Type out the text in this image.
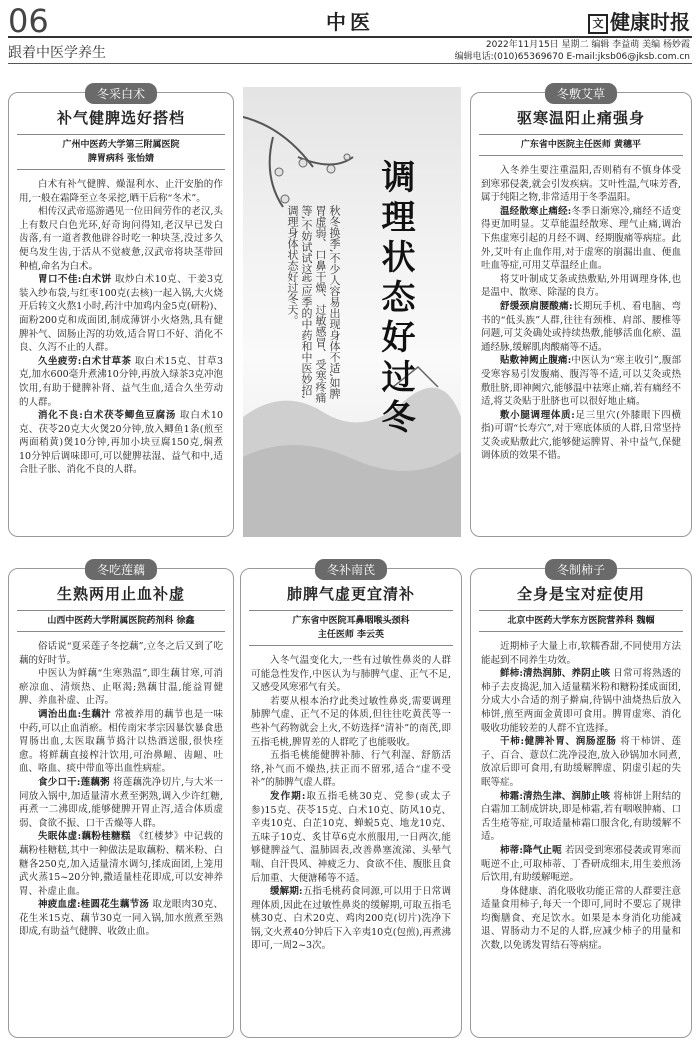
06	中医	文 健康时报
跟着中医学养生	2022年11月15日 星期二 编辑 李益萌 美编 杨妙霞
编辑电话:(010)65369670 E-mail:jksb06@jksb.com.cn
调理状态好过冬
秋冬换季,不少人容易出现身体不适,如脾胃虚弱、口鼻干燥、过敏感冒、受寒疼痛等,不妨试试这些应季的中药和中医妙招,调理身体状态好过冬天。
冬采白术
补气健脾选好搭档
广州中医药大学第三附属医院
脾胃病科 张怡婧

白术有补气健脾、燥湿利水、止汗安胎的作用,一般在霜降至立冬采挖,晒干后称“冬术”。

相传汉武帝巡游遇见一位田间劳作的老汉,头上有数尺白色光环,好奇询问得知,老汉早已发白齿落,有一道者教他辟谷时吃一种块茎,没过多久便乌发生齿,于活从不觉疲惫,汉武帝将块茎带回种植,命名为白术。

胃口不佳:白术饼 取炒白术10克、干姜3克装入纱布袋,与红枣100克(去核)一起入锅,大火烧开后转文火熬1小时,药汁中加鸡内金5克(研粉)、面粉200克和成面团,制成薄饼小火烙熟,具有健脾补气、固肠止泻的功效,适合胃口不好、消化不良、久泻不止的人群。

久坐疲劳:白术甘草茶 取白术15克、甘草3克,加水600毫升煮沸10分钟,再放入绿茶3克冲泡饮用,有助于健脾补肾、益气生血,适合久坐劳动的人群。

消化不良:白术茯苓鲫鱼豆腐汤 取白术10克、茯苓20克大火煲20分钟,放入鲫鱼1条(煎至两面稍黄)煲10分钟,再加小块豆腐150克,焖煮10分钟后调味即可,可以健脾祛湿、益气和中,适合肚子胀、消化不良的人群。

冬敷艾草
驱寒温阳止痛强身
广东省中医院主任医师 黄穗平

入冬养生要注重温阳,否则稍有不慎身体受到寒邪侵袭,就会引发疾病。艾叶性温,气味芳香,属于纯阳之物,非常适用于冬季温阳。

温经散寒止痛经:冬季日渐寒冷,痛经不适变得更加明显。艾草能温经散寒、理气止痛,调治下焦虚寒引起的月经不调、经期腹痛等病症。此外,艾叶有止血作用,对于虚寒的崩漏出血、便血吐血等症,可用艾草温经止血。

将艾叶制成艾条或热敷贴,外用调理身体,也是温中、散寒、除湿的良方。

舒缓颈肩腰酸痛:长期玩手机、看电脑、弯书的“低头族”人群,往往有颈椎、肩部、腰椎等问题,可艾灸确处或持续热敷,能够活血化瘀、温通经脉,缓解肌肉酸痛等不适。

贴敷神阙止腹痛:中医认为“寒主收引”,腹部受寒容易引发腹痛、腹泻等不适,可以艾灸或热敷肚脐,即神阙穴,能够温中祛寒止痛,若有痛经不适,将艾灸贴于肚脐也可以很好地止痛。

敷小腿调理体质:足三里穴(外膝眼下四横指)可谓“长寿穴”,对于寒底体质的人群,日常坚持艾灸或贴敷此穴,能够健运脾胃、补中益气,保健调体质的效果不错。

冬吃莲藕
生熟两用止血补虚
山西中医药大学附属医院药剂科 徐鑫

俗话说“夏采莲子冬挖藕”,立冬之后又到了吃藕的好时节。

中医认为鲜藕“生寒熟温”,即生藕甘寒,可消瘀凉血、清烦热、止呕渴;熟藕甘温,能益胃健脾、养血补虚、止泻。

调治出血:生藕汁 常被养用的藕节也是一味中药,可以止血消瘀。相传南宋孝宗因暴饮暴食患胃肠出血,太医取藕节捣汁以热酒送服,很快痊愈。将鲜藕直接榨汁饮用,可治鼻衄、齿衄、吐血、咯血、痰中带血等出血性病症。

食少口干:莲藕粥 将莲藕洗净切片,与大米一同放入锅中,加适量清水煮至粥熟,调入少许红糖,再煮一二沸即成,能够健脾开胃止泻,适合体质虚弱、食欲不振、口干舌燥等人群。

失眠体虚:藕粉桂糖糕 《红楼梦》中记载的藕粉桂糖糕,其中一种做法是取藕粉、糯米粉、白糖各250克,加入适量清水调匀,揉成面团,上笼用武火蒸15~20分钟,撒适量桂花即成,可以安神养胃、补虚止血。

神疲血虚:桂圆花生藕节汤 取龙眼肉30克、花生米15克、藕节30克一同入锅,加水煎煮至熟即成,有助益气健脾、收敛止血。

冬补南芪
肺脾气虚更宜清补
广东省中医院耳鼻咽喉头颈科
主任医师 李云英

入冬气温变化大,一些有过敏性鼻炎的人群可能急性发作,中医认为与肺脾气虚、正气不足,又感受风寒邪气有关。

若要从根本治疗此类过敏性鼻炎,需要调理肺脾气虚、正气不足的体质,但往往吃黄芪等一些补气药物就会上火,不妨选择“清补”的南芪,即五指毛桃,脾胃差的人群吃了也能吸收。

五指毛桃能健脾补肺、行气利湿、舒筋活络,补气而不燥热,扶正而不留邪,适合“虚不受补”的肺脾气虚人群。

发作期:取五指毛桃30克、党参(或太子参)15克、茯苓15克、白术10克、防风10克、辛夷10克、白芷10克、蝉蜕5克、地龙10克、五味子10克、炙甘草6克水煎服用,一日两次,能够健脾益气、温肺固表,改善鼻塞流涕、头晕气喘、自汗畏风、神疲乏力、食欲不佳、腹胀且食后加重、大便溏稀等不适。

缓解期:五指毛桃药食同源,可以用于日常调理体质,因此在过敏性鼻炎的缓解期,可取五指毛桃30克、白术20克、鸡肉200克(切片)洗净下锅,文火煮40分钟后下入辛夷10克(包煎),再煮沸即可,一周2~3次。

冬制柿子
全身是宝对症使用
北京中医药大学东方医院营养科 魏帼

近期柿子大量上市,软糯香甜,不同使用方法能起到不同养生功效。

鲜柿:清热润肺、养阴止咳 日常可将熟透的柿子去皮捣泥,加入适量糯米粉和糖粉揉成面团,分成大小合适的剂子擀扁,待锅中油烧热后放入柿饼,煎至两面金黄即可食用。脾胃虚寒、消化吸收功能较差的人群不宜选择。

干柿:健脾补胃、润肠涩肠 将干柿饼、莲子、百合、薏苡仁洗净浸泡,放入砂锅加水同煮,放凉后即可食用,有助缓解脾虚、阴虚引起的失眠等症。

柿霜:清热生津、润肺止咳 将柿饼上附结的白霜加工制成饼块,即是柿霜,若有咽喉肿痛、口舌生疮等症,可取适量柿霜口服含化,有助缓解不适。

柿蒂:降气止呃 若因受到寒邪侵袭或胃寒而呃逆不止,可取柿蒂、丁香研成细末,用生姜煎汤后饮用,有助缓解呃逆。

身体健康、消化吸收功能正常的人群要注意适量食用柿子,每天一个即可,同时不要忘了规律均衡膳食、充足饮水。如果是本身消化功能减退、胃肠动力不足的人群,应减少柿子的用量和次数,以免诱发胃结石等病症。
